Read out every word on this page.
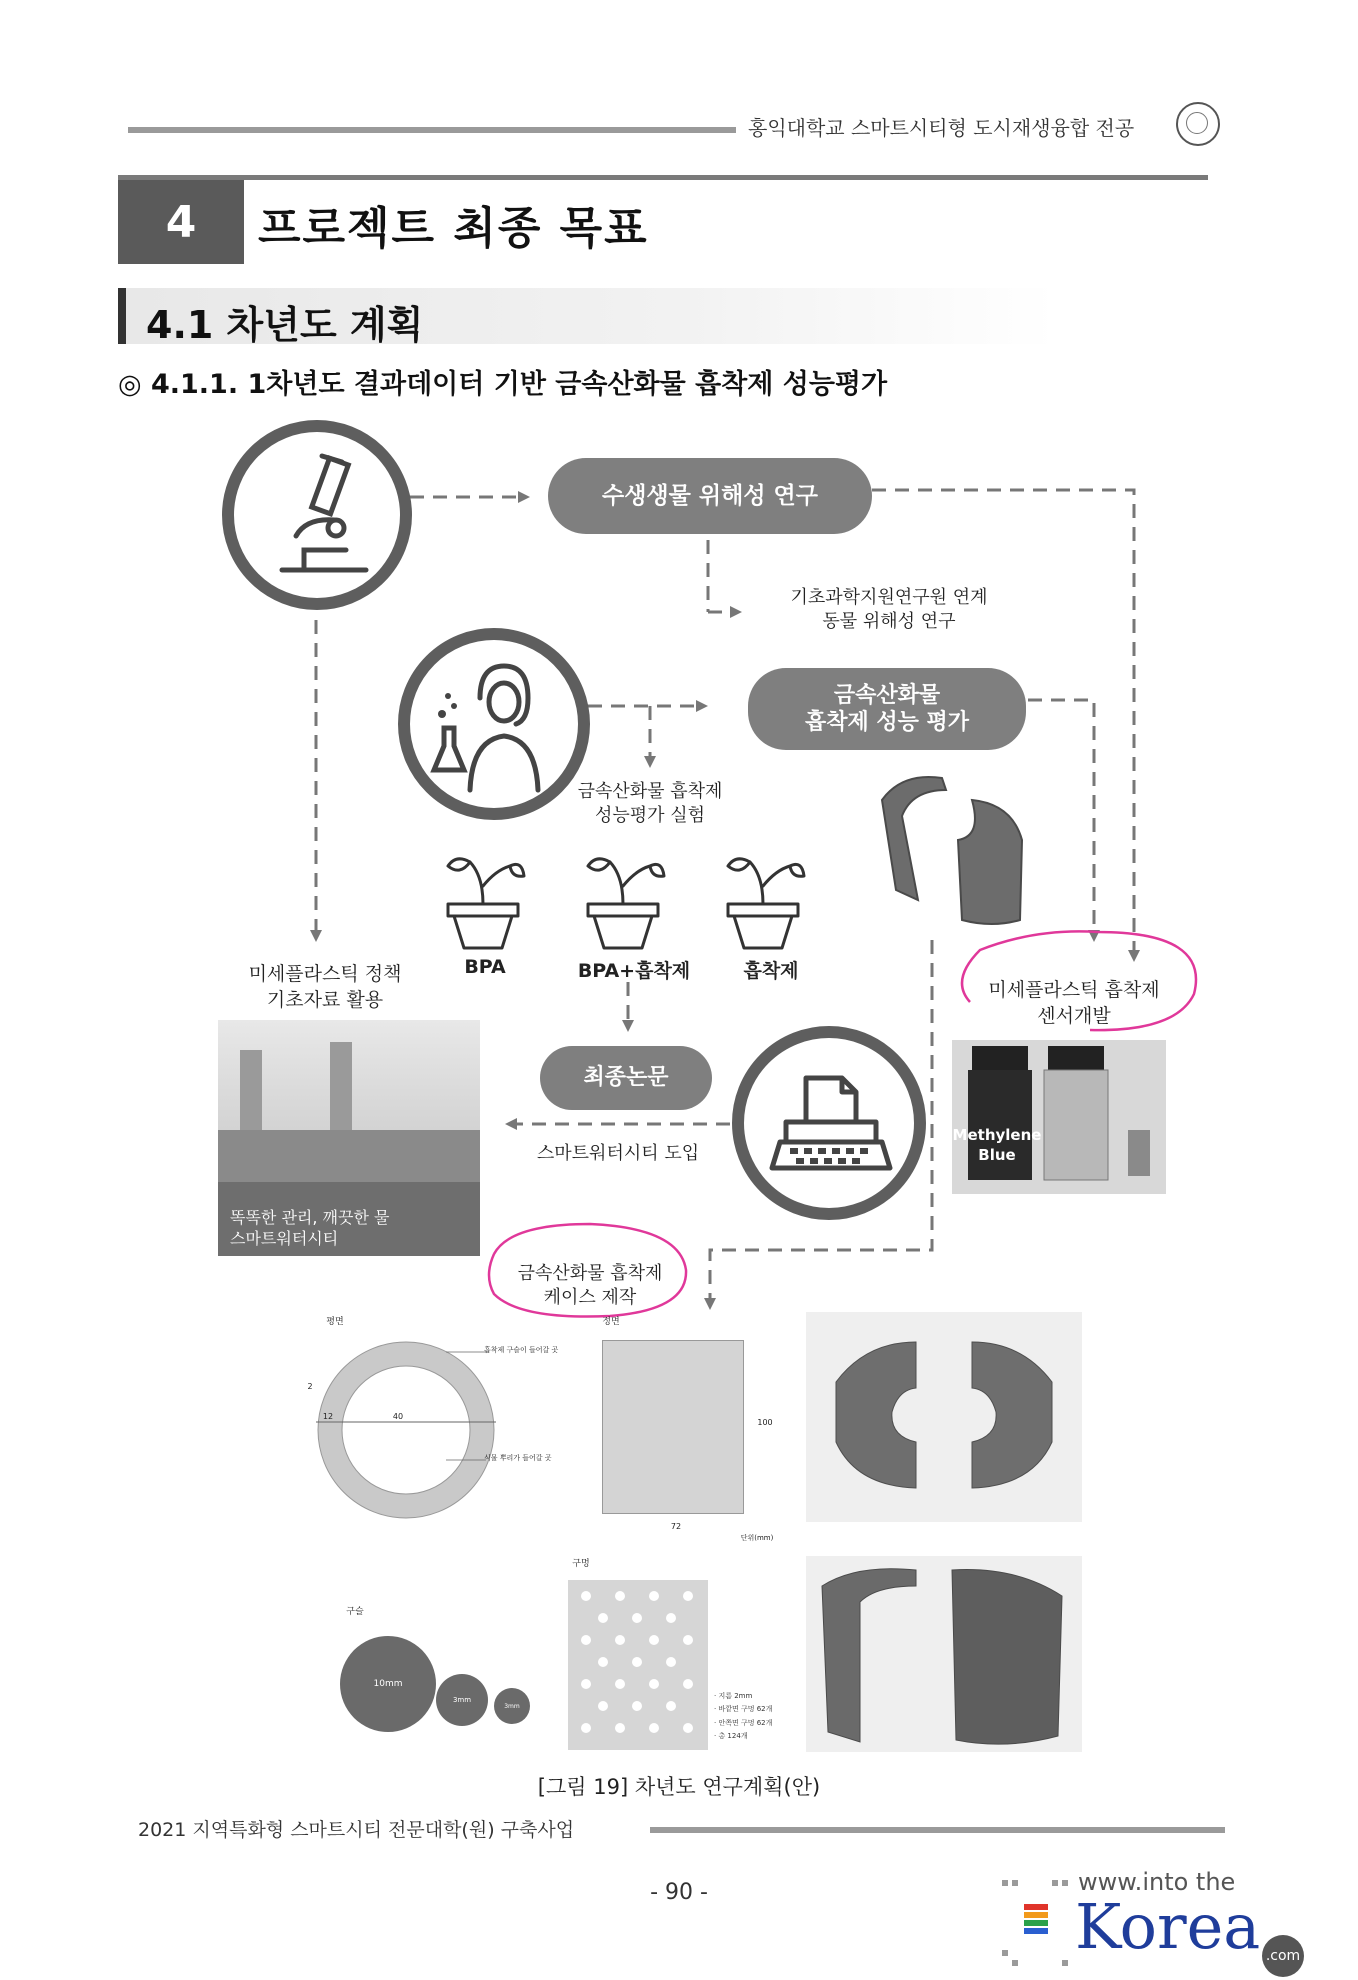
홍익대학교 스마트시티형 도시재생융합 전공
4	프로젝트 최종 목표
4.1 차년도 계획
◎ 4.1.1. 1차년도 결과데이터 기반 금속산화물 흡착제 성능평가
수생생물 위해성 연구
금속산화물
흡착제 성능 평가
최종논문
기초과학지원연구원 연계
동물 위해성 연구
금속산화물 흡착제
성능평가 실험
미세플라스틱 정책
기초자료 활용	미세플라스틱 흡착제
센서개발
스마트워터시티 도입
금속산화물 흡착제
케이스 제작
BPA	BPA+흡착제	흡착제
똑똑한 관리, 깨끗한 물
스마트워터시티
Methylene
Blue
평면
2
12	40
흡착제 구슬이 들어갈 곳
식물 뿌리가 들어갈 곳
정면
100
72
단위(mm)
구슬
10mm
3mm
3mm
구멍
· 지름 2mm
· 바깥면 구멍 62개
· 안쪽면 구멍 62개
· 총 124개
[그림 19] 차년도 연구계획(안)
2021 지역특화형 스마트시티 전문대학(원) 구축사업
- 90 -	www.into the
Korea .com
